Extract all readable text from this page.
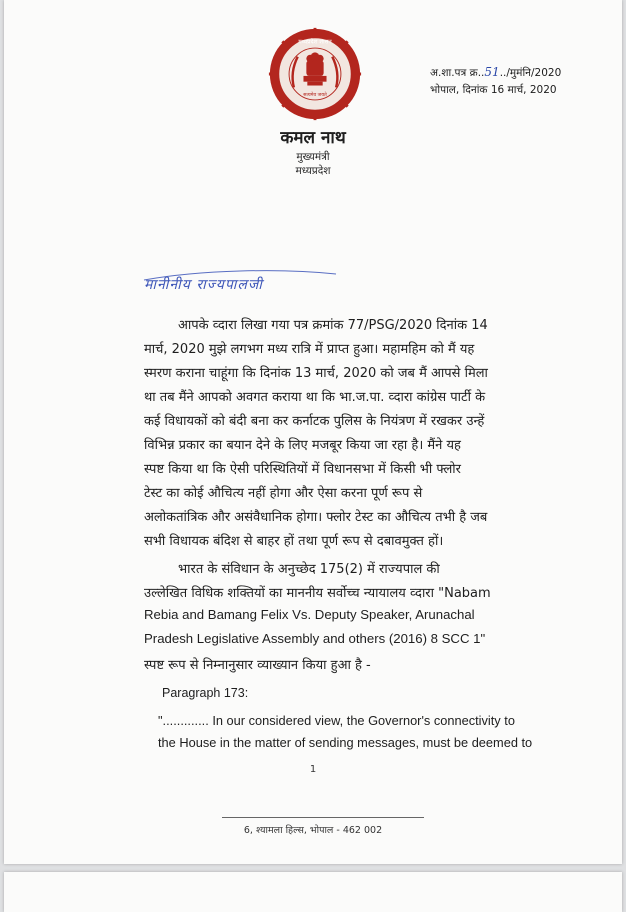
मध्यप्रदेश शासन
सत्यमेव जयते
अ.शा.पत्र क्र..51../मुमंनि/2020
भोपाल, दिनांक 16 मार्च, 2020
कमल नाथ
मुख्यमंत्री
मध्यप्रदेश
मानीनीय राज्यपालजी
आपके व्दारा लिखा गया पत्र क्रमांक 77/PSG/2020 दिनांक 14
मार्च, 2020 मुझे लगभग मध्य रात्रि में प्राप्त हुआ। महामहिम को मैं यह
स्मरण कराना चाहूंगा कि दिनांक 13 मार्च, 2020 को जब मैं आपसे मिला
था तब मैंने आपको अवगत कराया था कि भा.ज.पा. व्दारा कांग्रेस पार्टी के
कई विधायकों को बंदी बना कर कर्नाटक पुलिस के नियंत्रण में रखकर उन्हें
विभिन्न प्रकार का बयान देने के लिए मजबूर किया जा रहा है। मैंने यह
स्पष्ट किया था कि ऐसी परिस्थितियों में विधानसभा में किसी भी फ्लोर
टेस्ट का कोई औचित्य नहीं होगा और ऐसा करना पूर्ण रूप से
अलोकतांत्रिक और असंवैधानिक होगा। फ्लोर टेस्ट का औचित्य तभी है जब
सभी विधायक बंदिश से बाहर हों तथा पूर्ण रूप से दबावमुक्त हों।
भारत के संविधान के अनुच्छेद 175(2) में राज्यपाल की
उल्लेखित विधिक शक्तियों का माननीय सर्वोच्च न्यायालय व्दारा "Nabam
Rebia and Bamang Felix Vs. Deputy Speaker, Arunachal
Pradesh Legislative Assembly and others (2016) 8 SCC 1"
स्पष्ट रूप से निम्नानुसार व्याख्यान किया हुआ है -
Paragraph 173:
"............. In our considered view, the Governor's connectivity to
the House in the matter of sending messages, must be deemed to
1
6, श्यामला हिल्स, भोपाल - 462 002
